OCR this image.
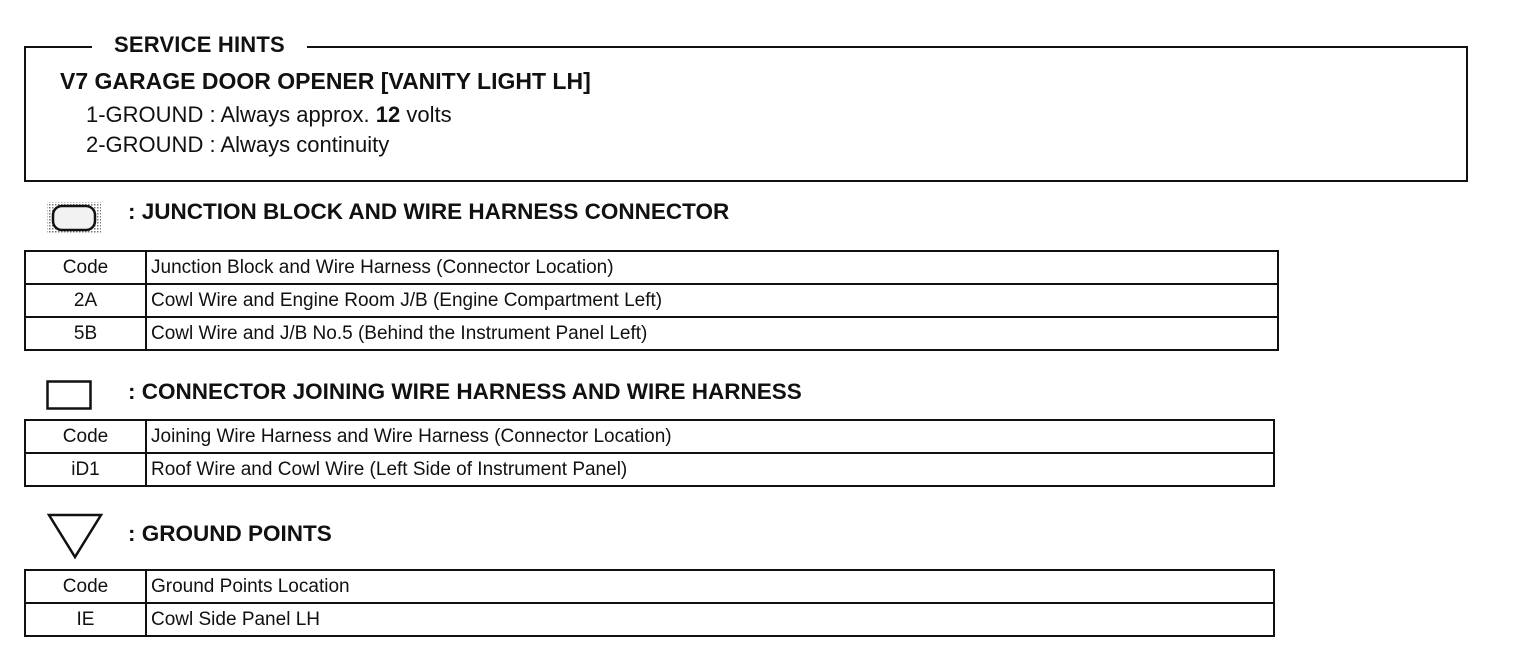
SERVICE HINTS
V7 GARAGE DOOR OPENER [VANITY LIGHT LH]
1-GROUND : Always approx. 12 volts
2-GROUND : Always continuity
: JUNCTION BLOCK AND WIRE HARNESS CONNECTOR
Code	Junction Block and Wire Harness (Connector Location)
2A	Cowl Wire and Engine Room J/B (Engine Compartment Left)
5B	Cowl Wire and J/B No.5 (Behind the Instrument Panel Left)
: CONNECTOR JOINING WIRE HARNESS AND WIRE HARNESS
Code	Joining Wire Harness and Wire Harness (Connector Location)
iD1	Roof Wire and Cowl Wire (Left Side of Instrument Panel)
: GROUND POINTS
Code	Ground Points Location
IE	Cowl Side Panel LH
